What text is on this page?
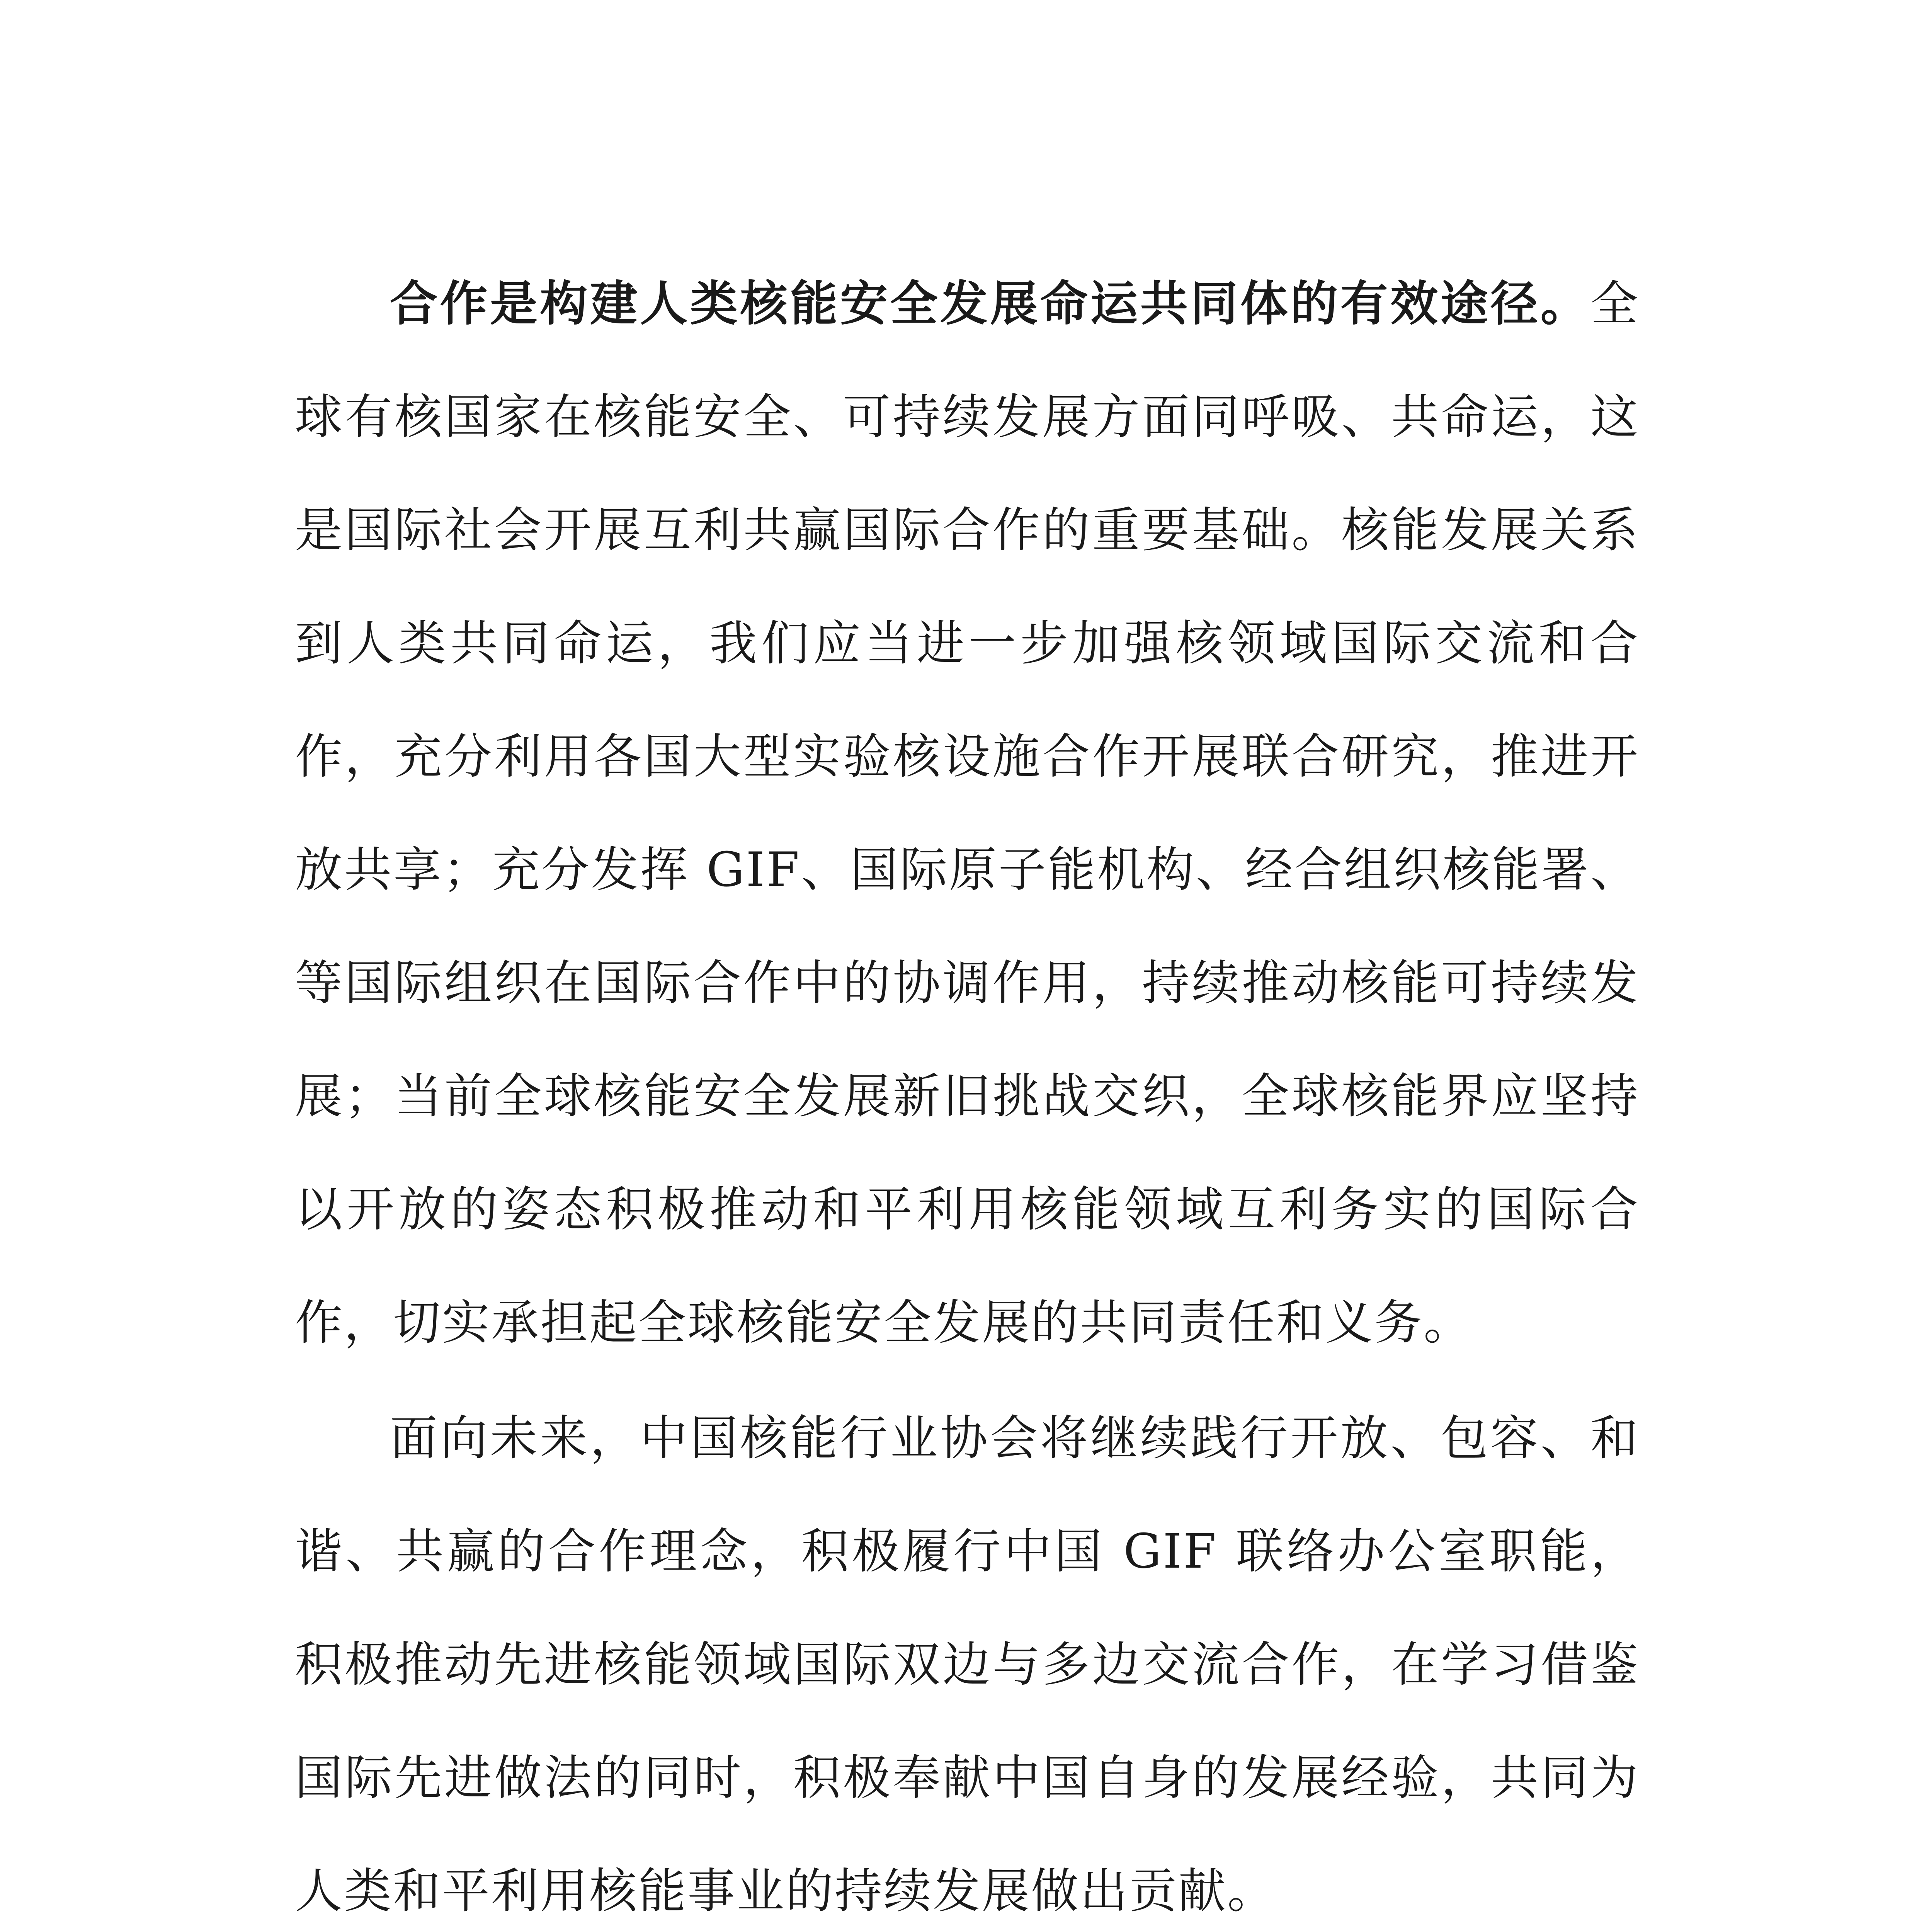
合作是构建人类核能安全发展命运共同体的有效途径。全球有核国家在核能安全、可持续发展方面同呼吸、共命运，这是国际社会开展互利共赢国际合作的重要基础。核能发展关系到人类共同命运，我们应当进一步加强核领域国际交流和合作，充分利用各国大型实验核设施合作开展联合研究，推进开放共享；充分发挥 GIF、国际原子能机构、经合组织核能署、等国际组织在国际合作中的协调作用，持续推动核能可持续发展；当前全球核能安全发展新旧挑战交织，全球核能界应坚持以开放的姿态积极推动和平利用核能领域互利务实的国际合作，切实承担起全球核能安全发展的共同责任和义务。

面向未来，中国核能行业协会将继续践行开放、包容、和谐、共赢的合作理念，积极履行中国 GIF 联络办公室职能，积极推动先进核能领域国际双边与多边交流合作，在学习借鉴国际先进做法的同时，积极奉献中国自身的发展经验，共同为人类和平利用核能事业的持续发展做出贡献。
